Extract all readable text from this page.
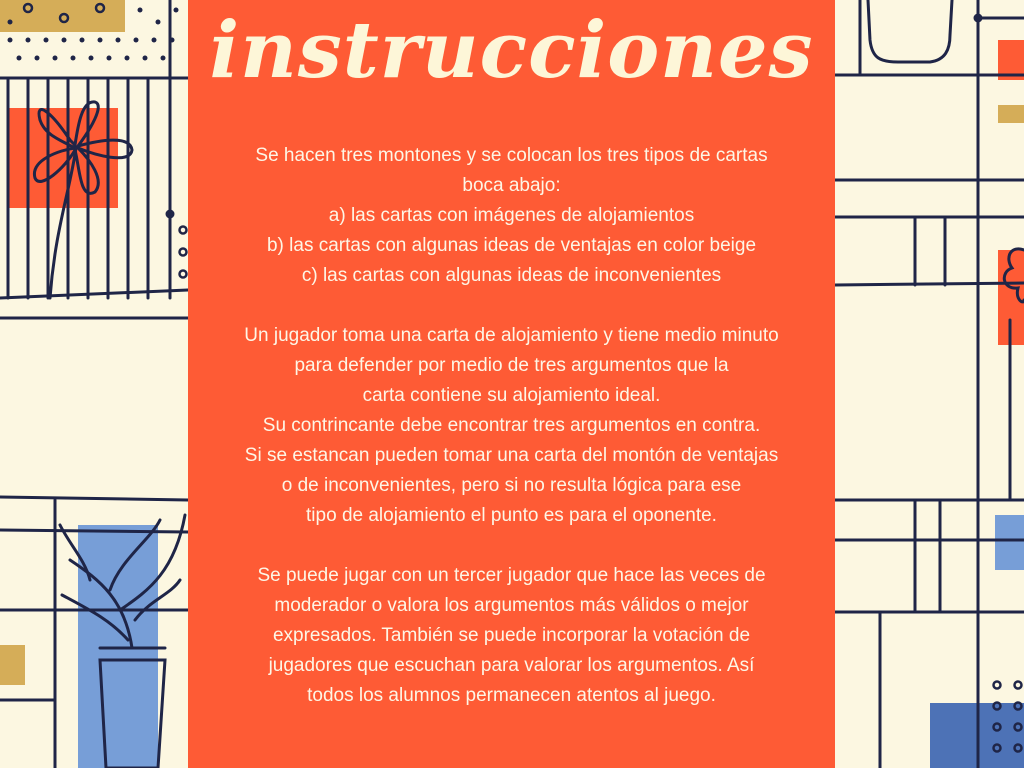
instrucciones

Se hacen tres montones y se colocan los tres tipos de cartas
boca abajo:
a) las cartas con imágenes de alojamientos
b) las cartas con algunas ideas de ventajas en color beige
c) las cartas con algunas ideas de inconvenientes

Un jugador toma una carta de alojamiento y tiene medio minuto
para defender por medio de tres argumentos que la
carta contiene su alojamiento ideal.
Su contrincante debe encontrar tres argumentos en contra.
Si se estancan pueden tomar una carta del montón de ventajas
o de inconvenientes, pero si no resulta lógica para ese
tipo de alojamiento el punto es para el oponente.

Se puede jugar con un tercer jugador que hace las veces de
moderador o valora los argumentos más válidos o mejor
expresados. También se puede incorporar la votación de
jugadores que escuchan para valorar los argumentos. Así
todos los alumnos permanecen atentos al juego.
